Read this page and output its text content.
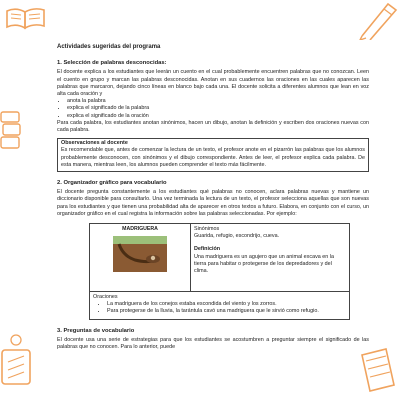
Actividades sugeridas del programa
1. Selección de palabras desconocidas:

El docente explica a los estudiantes que leerán un cuento en el cual probablemente encuentren palabras que no conozcan. Leen el cuento en grupo y marcan las palabras desconocidas. Anotan en sus cuadernos las oraciones en las cuales aparecen las palabras que marcaron, dejando cinco líneas en blanco bajo cada una. El docente solicita a diferentes alumnos que lean en voz alta cada oración y

• anota la palabra
• explica el significado de la palabra
• explica el significado de la oración

Para cada palabra, los estudiantes anotan sinónimos, hacen un dibujo, anotan la definición y escriben dos oraciones nuevas con cada palabra.

Observaciones al docente

Es recomendable que, antes de comenzar la lectura de un texto, el profesor anote en el pizarrón las palabras que los alumnos probablemente desconocen, con sinónimos y el dibujo correspondiente. Antes de leer, el profesor explica cada palabra. De esta manera, mientras leen, los alumnos pueden comprender el texto más fácilmente.

2. Organizador gráfico para vocabulario

El docente pregunta constantemente a los estudiantes qué palabras no conocen, aclara palabras nuevas y mantiene un diccionario disponible para consultarlo. Una vez terminada la lectura de un texto, el profesor selecciona aquellas que son nuevas para los estudiantes y que tienen una probabilidad alta de aparecer en otros textos a futuro. Elabora, en conjunto con el curso, un organizador gráfico en el cual registra la información sobre las palabras seleccionadas. Por ejemplo:

MADRIGUERA	Sinónimos
Guarida, refugio, escondrijo, cueva.
Definición
Una madriguera es un agujero que un animal excava en la tierra para habitar o protegerse de los depredadores y del clima.
Oraciones
• La madriguera de los conejos estaba escondida del viento y los zorros.
• Para protegerse de la lluvia, la tarántula cavó una madriguera que le sirvió como refugio.
3. Preguntas de vocabulario

El docente usa una serie de estrategias para que los estudiantes se acostumbren a preguntar siempre el significado de las palabras que no conocen. Para lo anterior, puede
